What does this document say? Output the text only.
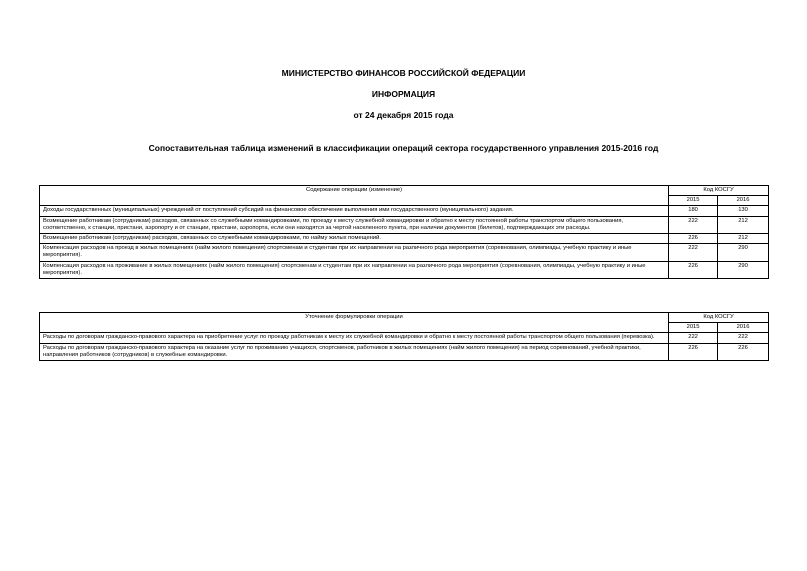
МИНИСТЕРСТВО ФИНАНСОВ РОССИЙСКОЙ ФЕДЕРАЦИИ
ИНФОРМАЦИЯ
от 24 декабря 2015 года
Сопоставительная таблица изменений в классификации операций сектора государственного управления 2015-2016 год
Содержание операции (изменение)	Код КОСГУ	
	2015	2016
Доходы государственных (муниципальных) учреждений от поступлений субсидий на финансовое обеспечение выполнения ими государственного (муниципального) задания.	180	130
Возмещение работникам (сотрудникам) расходов, связанных со служебными командировками, по проезду к месту служебной командировки и обратно к месту постоянной работы транспортом общего пользования, соответственно, к станции, пристани, аэропорту и от станции, пристани, аэропорта, если они находятся за чертой населенного пункта, при наличии документов (билетов), подтверждающих эти расходы.	222	212
Возмещение работникам (сотрудникам) расходов, связанных со служебными командировками, по найму жилых помещений.	226	212
Компенсация расходов на проезд в жилых помещениях (найм жилого помещения) спортсменам и студентам при их направлении на различного рода мероприятия (соревнования, олимпиады, учебную практику и иные мероприятия).	222	290
Компенсация расходов на проживание в жилых помещениях (найм жилого помещения) спортсменам и студентам при их направлении на различного рода мероприятия (соревнования, олимпиады, учебную практику и иные мероприятия).	226	290
Уточнение формулировки операции	Код КОСГУ	
	2015	2016
Расходы по договорам гражданско-правового характера на приобретение услуг по проезду работникам к месту их служебной командировки и обратно к месту постоянной работы транспортом общего пользования (перевозка).	222	222
Расходы по договорам гражданско-правового характера на оказание услуг по проживанию учащихся, спортсменов, работников в жилых помещениях (найм жилого помещения) на период соревнований, учебной практики, направления работников (сотрудников) в служебные командировки.	226	226
